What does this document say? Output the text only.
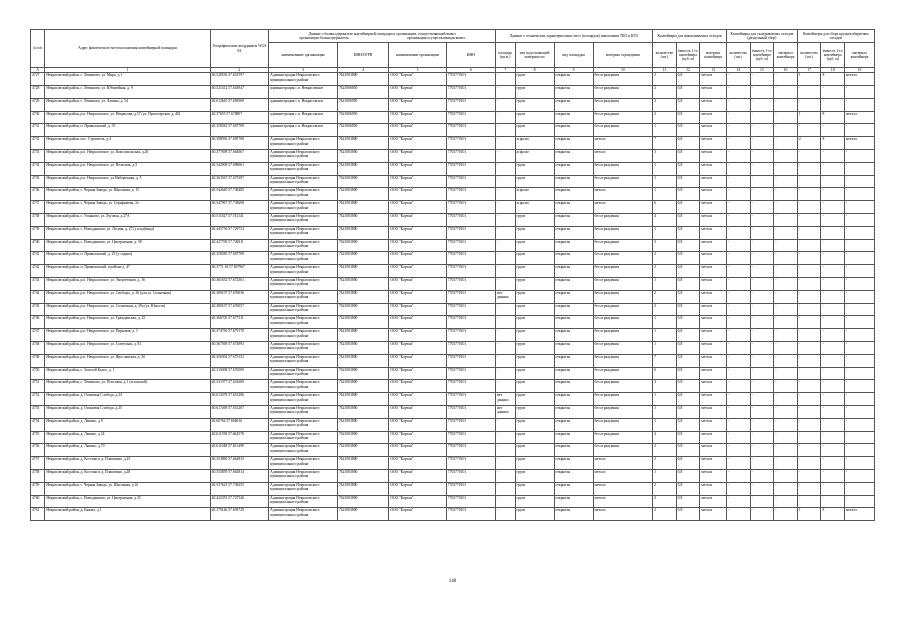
№ п/п	Адрес фактического местоположения контейнерной площадки	Географические координаты WGS 84	Данные о балансодержателе контейнерной площадки и организации, осуществляющей вывоз
организация-балансодержатель организация осуществляющая вывоз				Данные о технических характеристиках мест (площадок) накопления ТКО и КГО				Контейнеры для накапливаемых отходов			Контейнеры для укладываемых отходов (раздельный сбор)			Контейнеры для сбора крупногабаритных отходов		
			наименование организации	ИНН/ОГРН	наименование организации	ИНН	площадь (кв.м.)	тип подстилающей поверхности	вид площадки	материал ограждения	количество (шт.)	ёмкость 1-го контейнера (куб. м)	материал контейнера	количество (шт.)	ёмкость 1-го контейнера (куб. м)	материал контейнера	количество (шт.)	ёмкость 1-го контейнера (куб. м)	материал контейнера
А	1	2	3	4	5	6	7	8	9	10	11	12	13	14	15	16	17	18	19
4727	Некрасовский район, с. Левашово, ул. Мира, д.1	40.528536 57.641597	Администрация Некрасовского муниципального района	7621003800	ООО "Картан"	7703770101	-	грунт	открытая	без ограждения	2	0,8	металл	-	-	-	1	8	металл
4728	Некрасовский район, с. Левашово, ул. Юбилейная, д. 9	40.521412 57.643947	администрация с.п. Некрасовское	7621006850	ООО "Картан"	7703770101	-	грунт	открытая	без ограждения	2	0,8	металл	-	-	-	-	-	-
4729	Некрасовский район, с. Левашово, ул. Лапино, д. 54	40.612645 57.658569	администрация с.п. Некрасовское	7621006850	ООО "Картан"	7703770101	-	грунт	открытая	без ограждения	3	0,8	металл	-	-	-	-	-	-
4730	Некрасовский район, р.п. Некрасовское, ул. Некрасова, д.57 (ул. Пролетарская, д. 40)	40.37655 57.678807	администрация с.п. Некрасовское	7621006850	ООО "Картан"	7703770101	-	грунт	открытая	без ограждения	2	0,8	металл	-	-	-	1	8	металл
4731	Некрасовский район, п. Приволжский, д. 35	40.358581 57.697709	администрация с.п. Некрасовское	7621006850	ООО "Картан"	7703770101	-	грунт	открытая	без ограждения	1	0,8	металл	-	-	-	-	-	-
4732	Некрасовский район, пос. Строитель, д.4	40.398936 57.695768	Администрация Некрасовского муниципального района	7621003800	ООО "Картан"	7703770101	-	асфальт	открытая	металл	7	0,8	металл	-	-	-	2	8	металл
4733	Некрасовский район, р.п. Некрасовское, ул. Комсомольская, д.26	40.377698 57.664067	Администрация Некрасовского муниципального района	7621003800	ООО "Картан"	7703770101	-	асфальт	открытая	металл	3	0,8	металл	-	-	-	-	-	-
4734	Некрасовский район, р.п. Некрасовское, ул. Велесная, д.3	40.342908 57.698061	Администрация Некрасовского муниципального района	7621003800	ООО "Картан"	7703770101	-	грунт	открытая	без ограждения	1	0,8	металл	-	-	-	-	-	-
4735	Некрасовский район, р.п. Некрасовское, ул.Набережная, д. 5	40.363567 57.675397	Администрация Некрасовского муниципального района	7621003800	ООО "Картан"	7703770101	-	грунт	открытая	без ограждения	1	0,8	металл	-	-	-	-	-	-
4736	Некрасовский район, с. Черная Заводь, ул. Школьная, д. 15	40.542649 57.738485	Администрация Некрасовского муниципального района	7621003800	ООО "Картан"	7703770101	-	асфальт	открытая	металл	1	0,8	металл	-	-	-	-	-	-
4737	Некрасовский район, с. Черная Заводь, ул. Серафимова, 2а	40.547967 57.733698	Администрация Некрасовского муниципального района	7621003800	ООО "Картан"	7703770101	-	асфальт	открытая	металл	6	0,8	металл	-	-	-	-	-	-
4738	Некрасовский район, с. Ульяново, ул. Луговая, д.27А	40.511827 57.741141	Администрация Некрасовского муниципального района	7621003800	ООО "Картан"	7703770101	-	грунт	открытая	без ограждения	4	0,8	металл	-	-	-	-	-	-
4739	Некрасовский район, с. Новоданилов, ул. Лесная, д. 27 (у кладбища)	40.445756 57.729754	Администрация Некрасовского муниципального района	7621003800	ООО "Картан"	7703770101	-	грунт	открытая	без ограждения	1	0,8	металл	-	-	-	-	-	-
4740	Некрасовский район, с. Новоданилов, ул. Центральная, д. 58	40.427709 57.726011	Администрация Некрасовского муниципального района	7621003800	ООО "Картан"	7703770101	-	грунт	открытая	без ограждения	3	0,8	металл	-	-	-	-	-	-
4741	Некрасовский район, п. Приволжский, д. 25 (у садика)	40.358585 57.697709	Администрация Некрасовского муниципального района	7621003800	ООО "Картан"	7703770101	-	грунт	открытая	без ограждения	2	0,8	металл	-	-	-	-	-	-
4742	Некрасовский район, п. Приволжский, в районе д. 47	40.3771 18 57.697967	Администрация Некрасовского муниципального района	7621003800	ООО "Картан"	7703770101	-	грунт	открытая	без ограждения	2	0,8	металл	-	-	-	-	-	-
4743	Некрасовский район, р.п. Некрасовское, ул. Энергетиков, д. 16	40.361632 57.672361	Администрация Некрасовского муниципального района	7621003800	ООО "Картан"	7703770101	-	грунт	открытая	без ограждения	1	0,8	металл	-	-	-	-	-	-
4744	Некрасовский район, р.п. Некрасовское, ул. Свободы, д. 26 (для ул. Солнечная)	40.380107 57.676036	Администрация Некрасовского муниципального района	7621003800	ООО "Картан"	7703770101	нет данных	грунт	открытая	без ограждения	2	0,8	металл	-	-	-	-	-	-
4745	Некрасовский район, р.п. Некрасовское, ул. Солнечная, д. 29а (ул. Юности)	40.380107 57.676057	Администрация Некрасовского муниципального района	7621003800	ООО "Картан"	7703770101	-	грунт	открытая	без ограждения	2	0,8	металл	-	-	-	-	-	-
4746	Некрасовский район, р.п. Некрасовское, ул. Гражданская, д. 25	40.366705 57.677511	Администрация Некрасовского муниципального района	7621003800	ООО "Картан"	7703770101	-	грунт	открытая	без ограждения	1	0,8	металл	-	-	-	-	-	-
4747	Некрасовский район, р.п. Некрасовское, ул. Парковая, д. 1	40.374756 57.679178	Администрация Некрасовского муниципального района	7621003800	ООО "Картан"	7703770101	-	грунт	открытая	без ограждения	1	0,8	металл	-	-	-	-	-	-
4748	Некрасовский район, р.п. Некрасовское, ул. Советская, д. 81	40.367569 57.674993	Администрация Некрасовского муниципального района	7621003800	ООО "Картан"	7703770101	-	грунт	открытая	без ограждения	1	0,8	металл	-	-	-	-	-	-
4749	Некрасовский район, р.п. Некрасовское, ул. Ярославская, д. 20	40.356302 57.675152	Администрация Некрасовского муниципального района	7621003800	ООО "Картан"	7703770101	-	грунт	открытая	без ограждения	7	0,8	металл	-	-	-	-	-	-
4750	Некрасовский район, с. Золотой Колос, д. 1	40.319408 57.676509	Администрация Некрасовского муниципального района	7621003800	ООО "Картан"	7703770101	-	грунт	открытая	без ограждения	6	0,8	металл	-	-	-	-	-	-
4751	Некрасовский район, с. Левашово, ул. Почтовая, д.1 (за школой)	40.531977 57.641669	Администрация Некрасовского муниципального района	7621003800	ООО "Картан"	7703770101	-	грунт	открытая	без ограждения	3	0,8	металл	-	-	-	-	-	-
4752	Некрасовский район, д. Осиновая Слобода, д.24	40.613478 57.651206	Администрация Некрасовского муниципального района	7621003800	ООО "Картан"	7703770101	нет данных	грунт	открытая	без ограждения	1	0,8	металл	-	-	-	-	-	-
4753	Некрасовский район, д. Осиновая Слобода, д.25	40.617469 57.651207	Администрация Некрасовского муниципального района	7621003800	ООО "Картан"	7703770101	нет данных	грунт	открытая	без ограждения	1	0,8	металл	-	-	-	-	-	-
4754	Некрасовский район, д. Лапино, д.9	40.60762 57.666616	Администрация Некрасовского муниципального района	7621003800	ООО "Картан"	7703770101	-	грунт	открытая	без ограждения	1	0,8	металл	-	-	-	-	-	-
4755	Некрасовский район, д. Лапино, д.34	40.611558 57.664578	Администрация Некрасовского муниципального района	7621003800	ООО "Картан"	7703770101	-	грунт	открытая	без ограждения	4	0,8	металл	-	-	-	-	-	-
4756	Некрасовский район, д. Лапино, д.70	40.611048 57.651498	Администрация Некрасовского муниципального района	7621003800	ООО "Картан"	7703770101	-	грунт	открытая	без ограждения	2	0,8	металл	-	-	-	-	-	-
4757	Некрасовский район, д. Костино и д. Плакатино, д.25	40.353869 57.662815	Администрация Некрасовского муниципального района	7621003800	ООО "Картан"	7703770101	-	грунт	открытая	металл	2	0,8	металл	-	-	-	-	-	-
4758	Некрасовский район, д. Костино и д. Плакатино, д.28	40.353859 57.662814	Администрация Некрасовского муниципального района	7621003800	ООО "Картан"	7703770101	-	грунт	открытая	металл	1	0,8	металл	-	-	-	-	-	-
4759	Некрасовский район, с. Черная Заводь, ул. Школьная, д.16	40.537623 57.738255	Администрация Некрасовского муниципального района	7621003800	ООО "Картан"	7703770101	-	грунт	открытая	металл	2	0,8	металл	-	-	-	-	-	-
4760	Некрасовский район, с. Новоданилов, ул. Центральная, д.35	40.422353 57.727546	Администрация Некрасовского муниципального района	7621003800	ООО "Картан"	7703770101	-	грунт	открытая	металл	2	0,8	металл	-	-	-	-	-	-
4761	Некрасовский район, д. Бяковл, д.1	40.379146 57.693729	Администрация Некрасовского муниципального района	7621003800	ООО "Картан"	7703770101	-	грунт	открытая	металл	2	0,8	металл	-	-	-	1	8	металл
140
